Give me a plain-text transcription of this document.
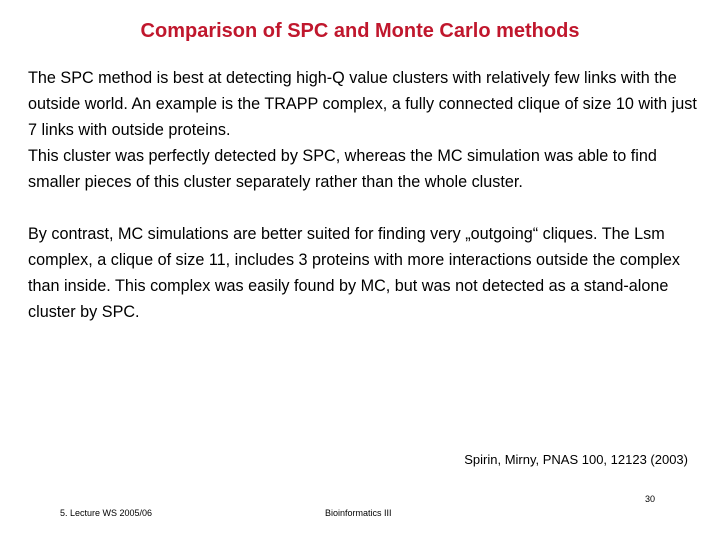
Comparison of SPC and Monte Carlo methods

The SPC method is best at detecting high-Q value clusters with relatively few links with the outside world. An example is the TRAPP complex, a fully connected clique of size 10 with just 7 links with outside proteins.

This cluster was perfectly detected by SPC, whereas the MC simulation was able to find smaller pieces of this cluster separately rather than the whole cluster.

By contrast, MC simulations are better suited for finding very „outgoing“ cliques. The Lsm complex, a clique of size 11, includes 3 proteins with more interactions outside the complex than inside. This complex was easily found by MC, but was not detected as a stand-alone cluster by SPC.

Spirin, Mirny, PNAS 100, 12123 (2003)
30
5. Lecture WS 2005/06	Bioinformatics III
